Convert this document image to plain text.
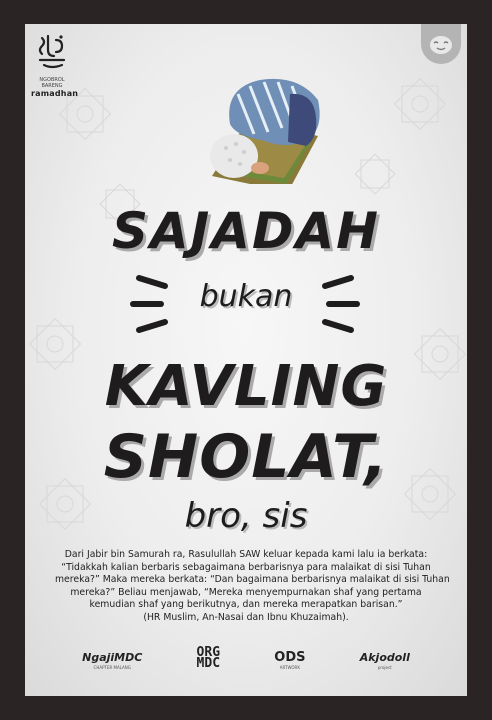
NGOBROL BARENG
ramadhan
SAJADAH
bukan
KAVLING
SHOLAT,
bro, sis
Dari Jabir bin Samurah ra, Rasulullah SAW keluar kepada kami lalu ia berkata:
“Tidakkah kalian berbaris sebagaimana berbarisnya para malaikat di sisi Tuhan
mereka?” Maka mereka berkata: “Dan bagaimana berbarisnya malaikat di sisi Tuhan
mereka?” Beliau menjawab, “Mereka menyempurnakan shaf yang pertama
kemudian shaf yang berikutnya, dan mereka merapatkan barisan.”
(HR Muslim, An-Nasai dan Ibnu Khuzaimah).
NgajiMDC
CHAPTER MALANG
ORG
MDC	ODS
ARTWORK
Akjodoll
project
